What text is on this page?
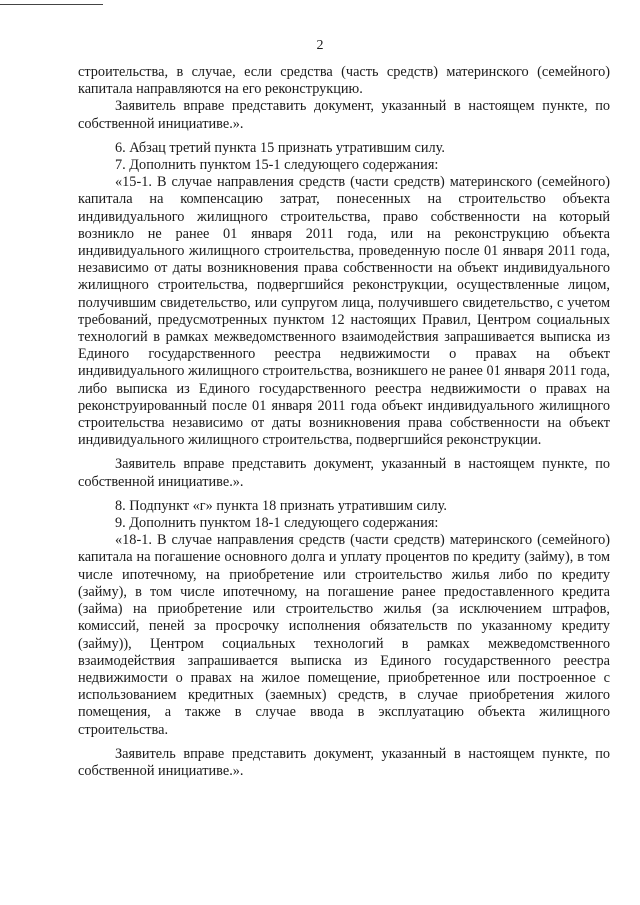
2

строительства, в случае, если средства (часть средств) материнского (семейного) капитала направляются на его реконструкцию.

Заявитель вправе представить документ, указанный в настоящем пункте, по собственной инициативе.».

6. Абзац третий пункта 15 признать утратившим силу.

7. Дополнить пунктом 15-1 следующего содержания:

«15-1. В случае направления средств (части средств) материнского (семейного) капитала на компенсацию затрат, понесенных на строительство объекта индивидуального жилищного строительства, право собственности на который возникло не ранее 01 января 2011 года, или на реконструкцию объекта индивидуального жилищного строительства, проведенную после 01 января 2011 года, независимо от даты возникновения права собственности на объект индивидуального жилищного строительства, подвергшийся реконструкции, осуществленные лицом, получившим свидетельство, или супругом лица, получившего свидетельство, с учетом требований, предусмотренных пунктом 12 настоящих Правил, Центром социальных технологий в рамках межведомственного взаимодействия запрашивается выписка из Единого государственного реестра недвижимости о правах на объект индивидуального жилищного строительства, возникшего не ранее 01 января 2011 года, либо выписка из Единого государственного реестра недвижимости о правах на реконструированный после 01 января 2011 года объект индивидуального жилищного строительства независимо от даты возникновения права собственности на объект индивидуального жилищного строительства, подвергшийся реконструкции.

Заявитель вправе представить документ, указанный в настоящем пункте, по собственной инициативе.».

8. Подпункт «г» пункта 18 признать утратившим силу.

9. Дополнить пунктом 18-1 следующего содержания:

«18-1. В случае направления средств (части средств) материнского (семейного) капитала на погашение основного долга и уплату процентов по кредиту (займу), в том числе ипотечному, на приобретение или строительство жилья либо по кредиту (займу), в том числе ипотечному, на погашение ранее предоставленного кредита (займа) на приобретение или строительство жилья (за исключением штрафов, комиссий, пеней за просрочку исполнения обязательств по указанному кредиту (займу)), Центром социальных технологий в рамках межведомственного взаимодействия запрашивается выписка из Единого государственного реестра недвижимости о правах на жилое помещение, приобретенное или построенное с использованием кредитных (заемных) средств, в случае приобретения жилого помещения, а также в случае ввода в эксплуатацию объекта жилищного строительства.

Заявитель вправе представить документ, указанный в настоящем пункте, по собственной инициативе.».
